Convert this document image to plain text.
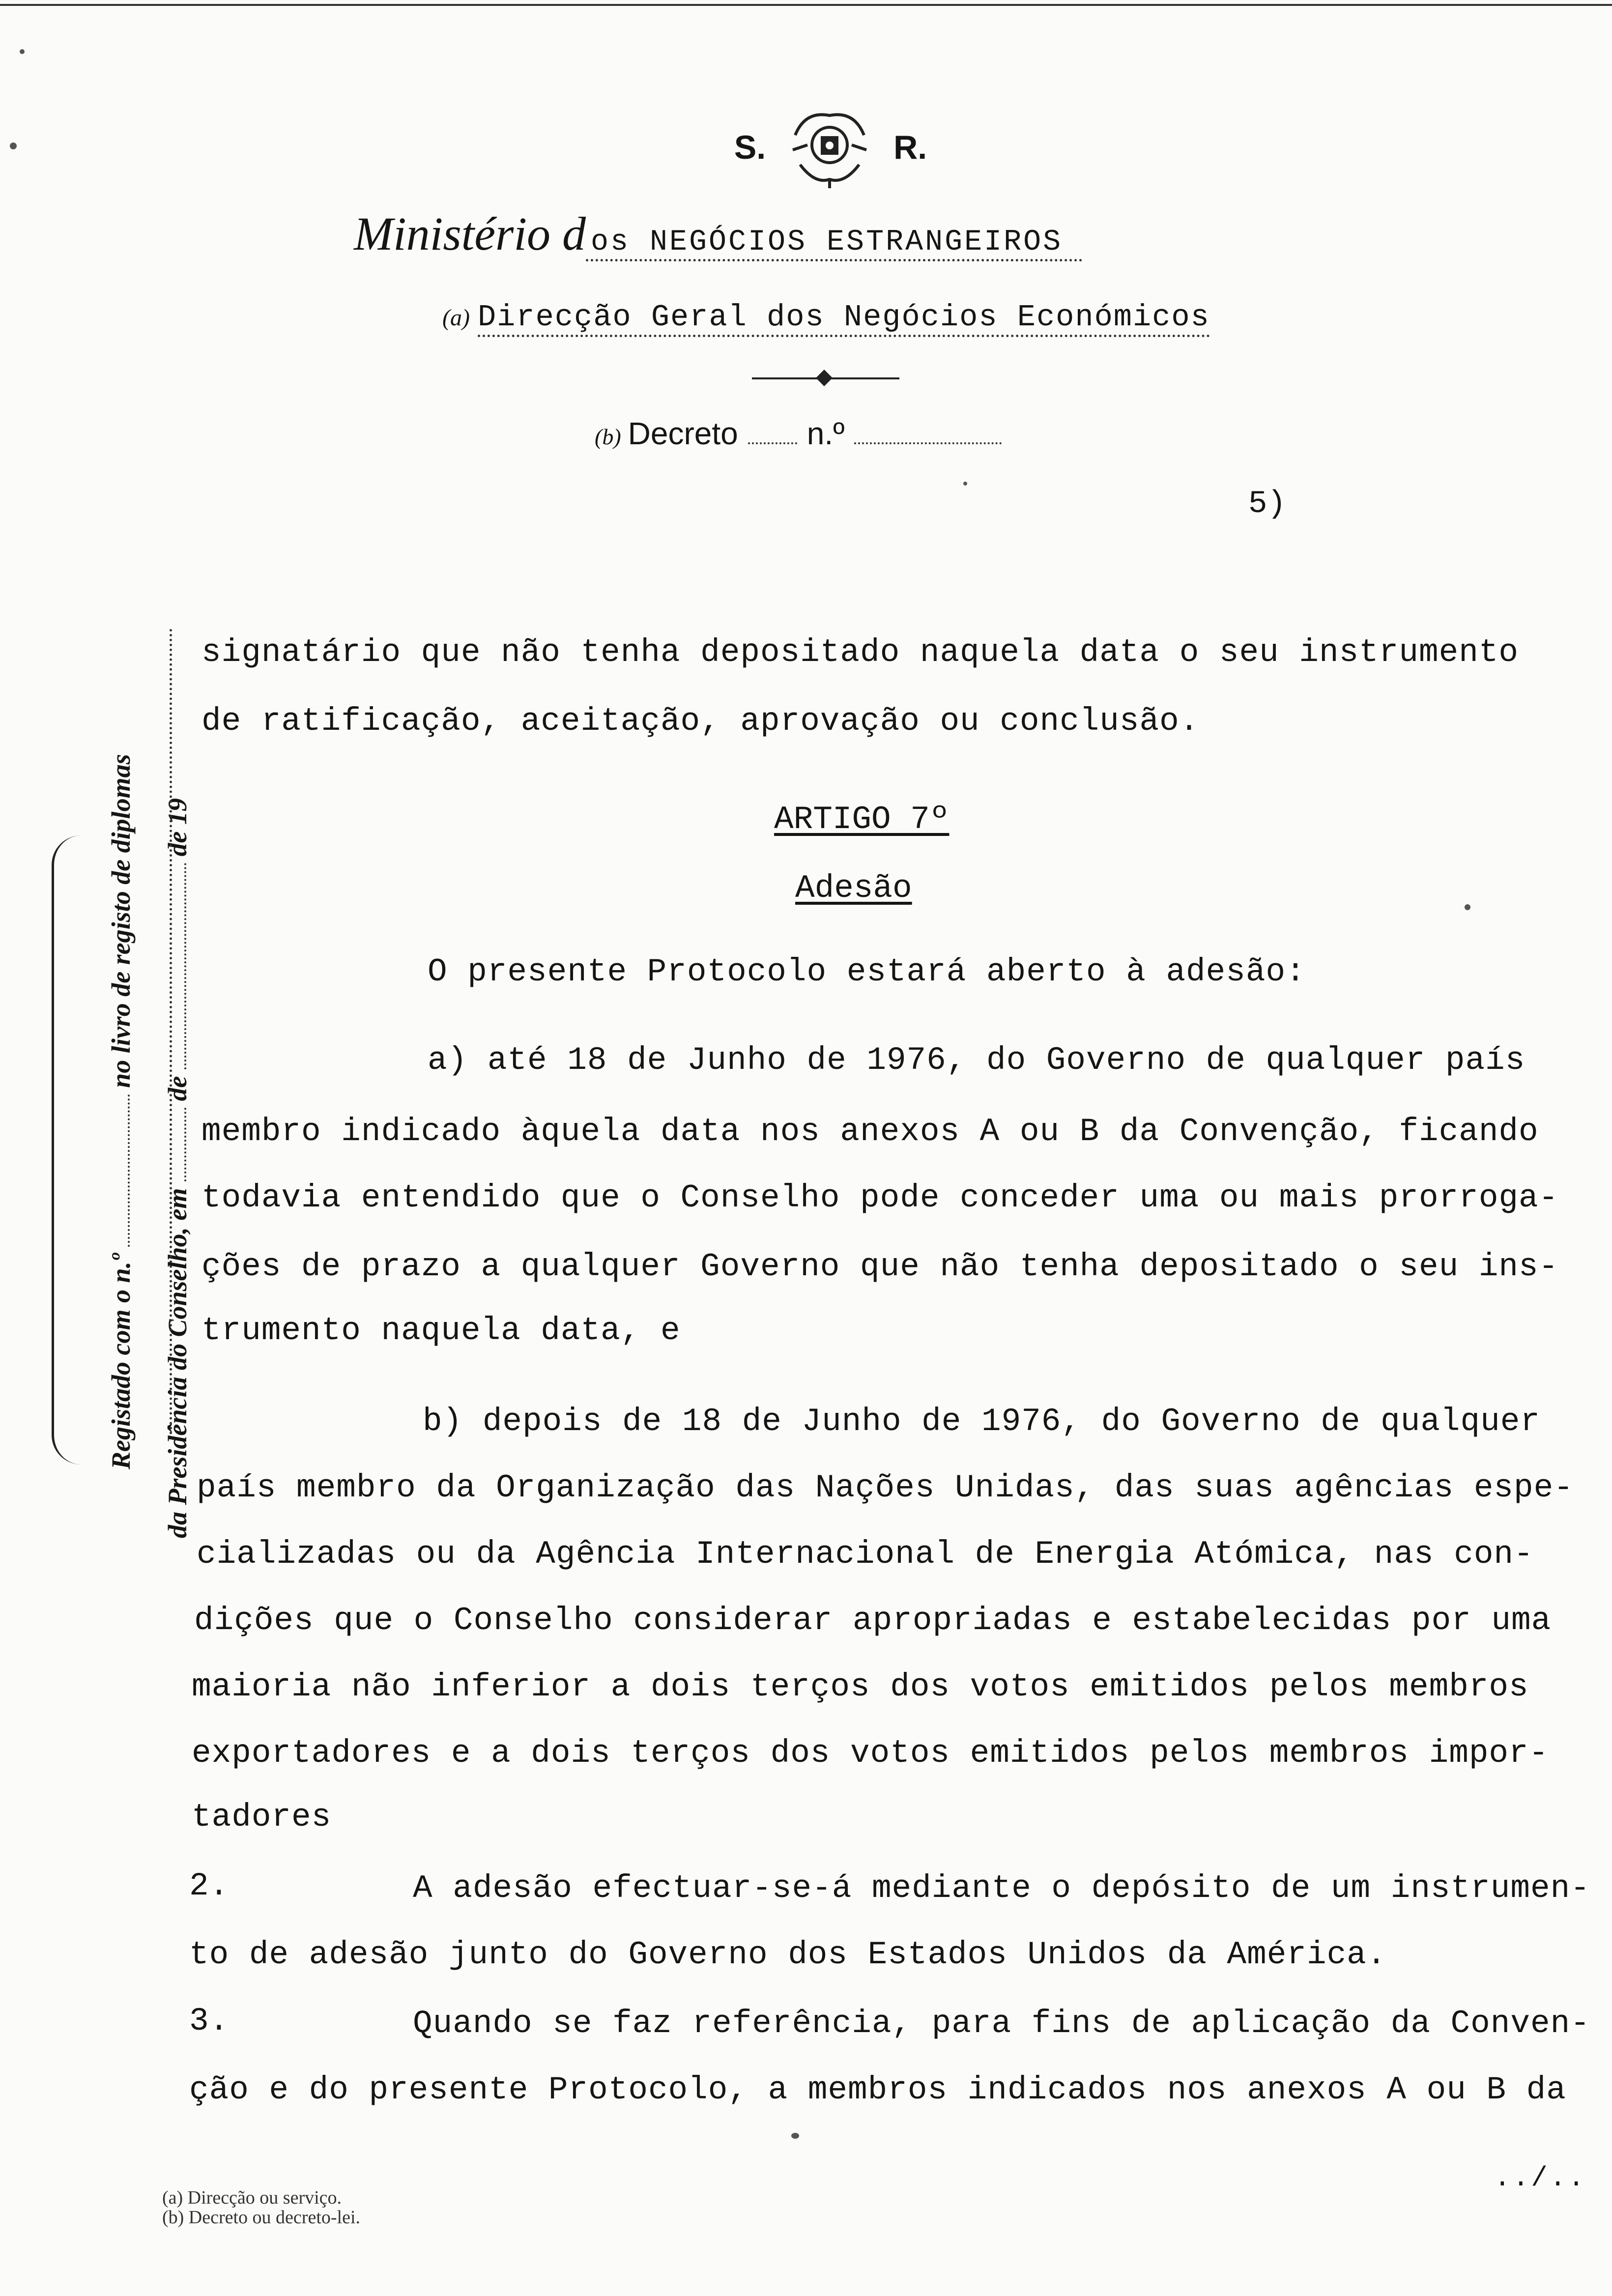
S.	R.
Ministério d os NEGÓCIOS ESTRANGEIROS
(a) Direcção Geral dos Negócios Económicos
(b) Decreto n.º
5)
Registado com o n.º  no livro de registo de diplomas
da Presidência do Conselho, em  de  de 19
signatário que não tenha depositado naquela data o seu instrumento
de ratificação, aceitação, aprovação ou conclusão.
ARTIGO 7º
Adesão
O presente Protocolo estará aberto à adesão:
a) até 18 de Junho de 1976, do Governo de qualquer país
membro indicado àquela data nos anexos A ou B da Convenção, ficando
todavia entendido que o Conselho pode conceder uma ou mais prorroga-
ções de prazo a qualquer Governo que não tenha depositado o seu ins-
trumento naquela data, e
b) depois de 18 de Junho de 1976, do Governo de qualquer
país membro da Organização das Nações Unidas, das suas agências espe-
cializadas ou da Agência Internacional de Energia Atómica, nas con-
dições que o Conselho considerar apropriadas e estabelecidas por uma
maioria não inferior a dois terços dos votos emitidos pelos membros
exportadores e a dois terços dos votos emitidos pelos membros impor-
tadores
2.	A adesão efectuar-se-á mediante o depósito de um instrumen-
to de adesão junto do Governo dos Estados Unidos da América.
3.	Quando se faz referência, para fins de aplicação da Conven-
ção e do presente Protocolo, a membros indicados nos anexos A ou B da
../..
(a) Direcção ou serviço.
(b) Decreto ou decreto-lei.
